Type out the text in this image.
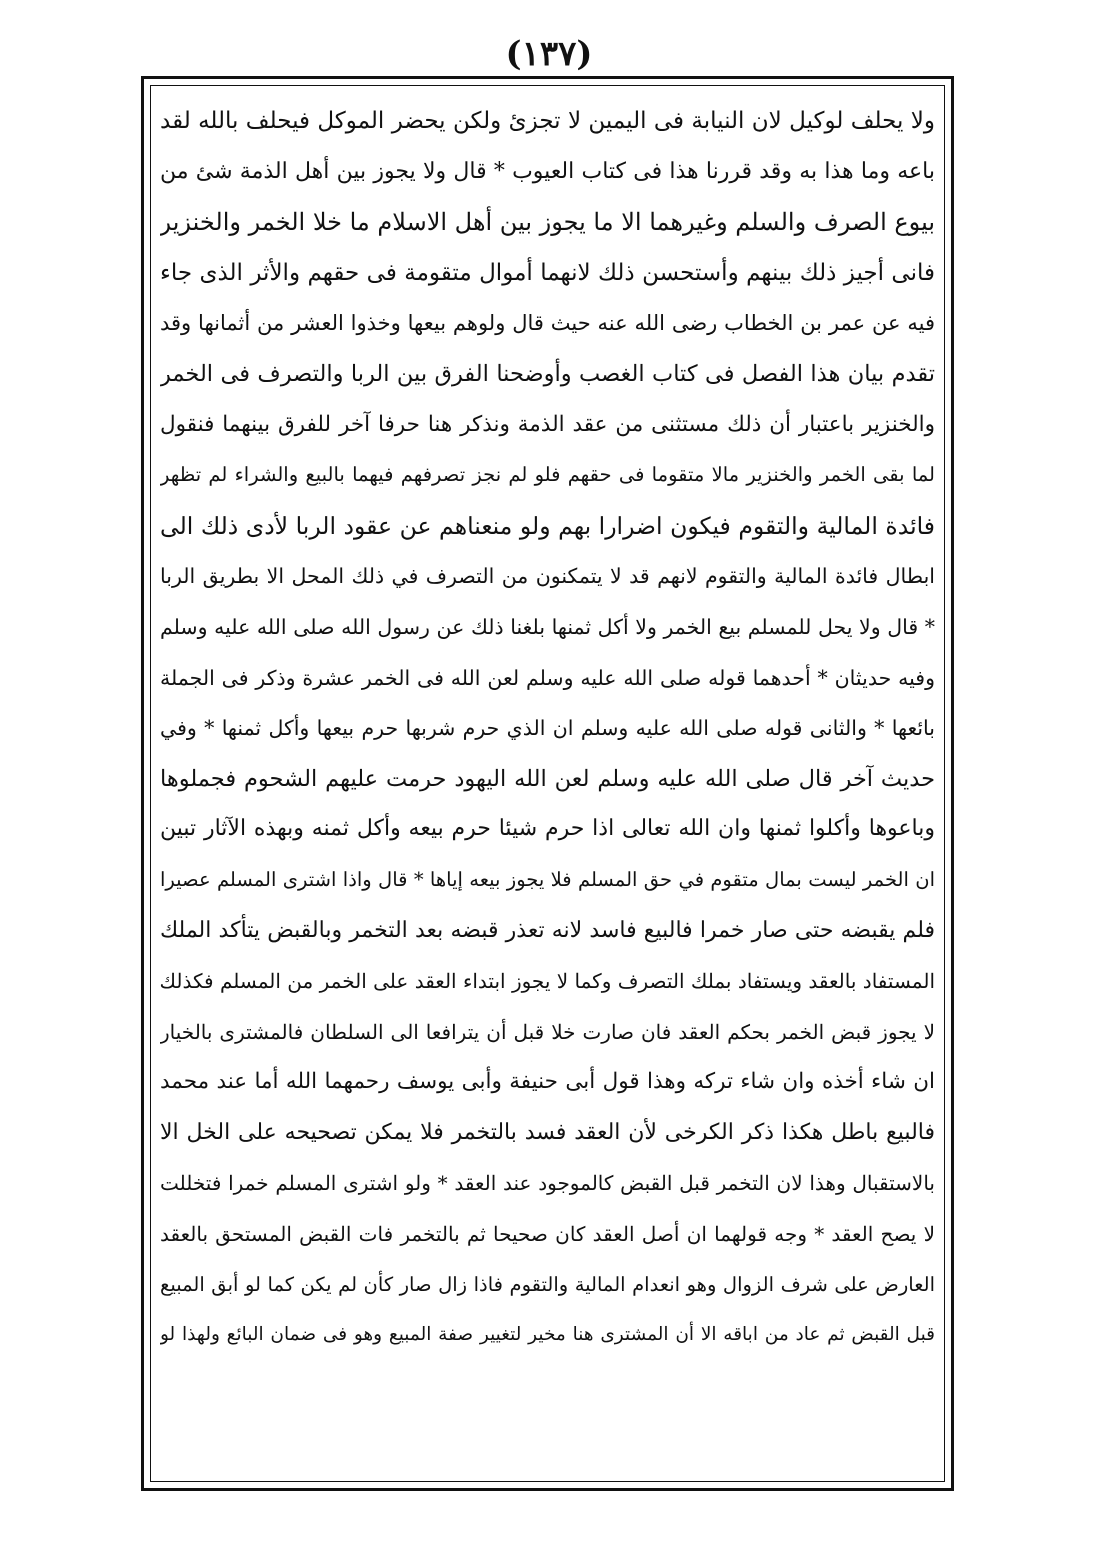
(١٣٧)
ولا يحلف لوكيل لان النيابة فى اليمين لا تجزئ ولكن يحضر الموكل فيحلف بالله لقد
باعه وما هذا به وقد قررنا هذا فى كتاب العيوب * قال ولا يجوز بين أهل الذمة شئ من
بيوع الصرف والسلم وغيرهما الا ما يجوز بين أهل الاسلام ما خلا الخمر والخنزير
فانى أجيز ذلك بينهم وأستحسن ذلك لانهما أموال متقومة فى حقهم والأثر الذى جاء
فيه عن عمر بن الخطاب رضى الله عنه حيث قال ولوهم بيعها وخذوا العشر من أثمانها وقد
تقدم بيان هذا الفصل فى كتاب الغصب وأوضحنا الفرق بين الربا والتصرف فى الخمر
والخنزير باعتبار أن ذلك مستثنى من عقد الذمة ونذكر هنا حرفا آخر للفرق بينهما فنقول
لما بقى الخمر والخنزير مالا متقوما فى حقهم فلو لم نجز تصرفهم فيهما بالبيع والشراء لم تظهر
فائدة المالية والتقوم فيكون اضرارا بهم ولو منعناهم عن عقود الربا لأدى ذلك الى
ابطال فائدة المالية والتقوم لانهم قد لا يتمكنون من التصرف في ذلك المحل الا بطريق الربا
* قال ولا يحل للمسلم بيع الخمر ولا أكل ثمنها بلغنا ذلك عن رسول الله صلى الله عليه وسلم
وفيه حديثان * أحدهما قوله صلى الله عليه وسلم لعن الله فى الخمر عشرة وذكر فى الجملة
بائعها * والثانى قوله صلى الله عليه وسلم ان الذي حرم شربها حرم بيعها وأكل ثمنها * وفي
حديث آخر قال صلى الله عليه وسلم لعن الله اليهود حرمت عليهم الشحوم فجملوها
وباعوها وأكلوا ثمنها وان الله تعالى اذا حرم شيئا حرم بيعه وأكل ثمنه وبهذه الآثار تبين
ان الخمر ليست بمال متقوم في حق المسلم فلا يجوز بيعه إياها * قال واذا اشترى المسلم عصيرا
فلم يقبضه حتى صار خمرا فالبيع فاسد لانه تعذر قبضه بعد التخمر وبالقبض يتأكد الملك
المستفاد بالعقد ويستفاد بملك التصرف وكما لا يجوز ابتداء العقد على الخمر من المسلم فكذلك
لا يجوز قبض الخمر بحكم العقد فان صارت خلا قبل أن يترافعا الى السلطان فالمشترى بالخيار
ان شاء أخذه وان شاء تركه وهذا قول أبى حنيفة وأبى يوسف رحمهما الله أما عند محمد
فالبيع باطل هكذا ذكر الكرخى لأن العقد فسد بالتخمر فلا يمكن تصحيحه على الخل الا
بالاستقبال وهذا لان التخمر قبل القبض كالموجود عند العقد * ولو اشترى المسلم خمرا فتخللت
لا يصح العقد * وجه قولهما ان أصل العقد كان صحيحا ثم بالتخمر فات القبض المستحق بالعقد
العارض على شرف الزوال وهو انعدام المالية والتقوم فاذا زال صار كأن لم يكن كما لو أبق المبيع
قبل القبض ثم عاد من اباقه الا أن المشترى هنا مخير لتغيير صفة المبيع وهو فى ضمان البائع ولهذا لو
